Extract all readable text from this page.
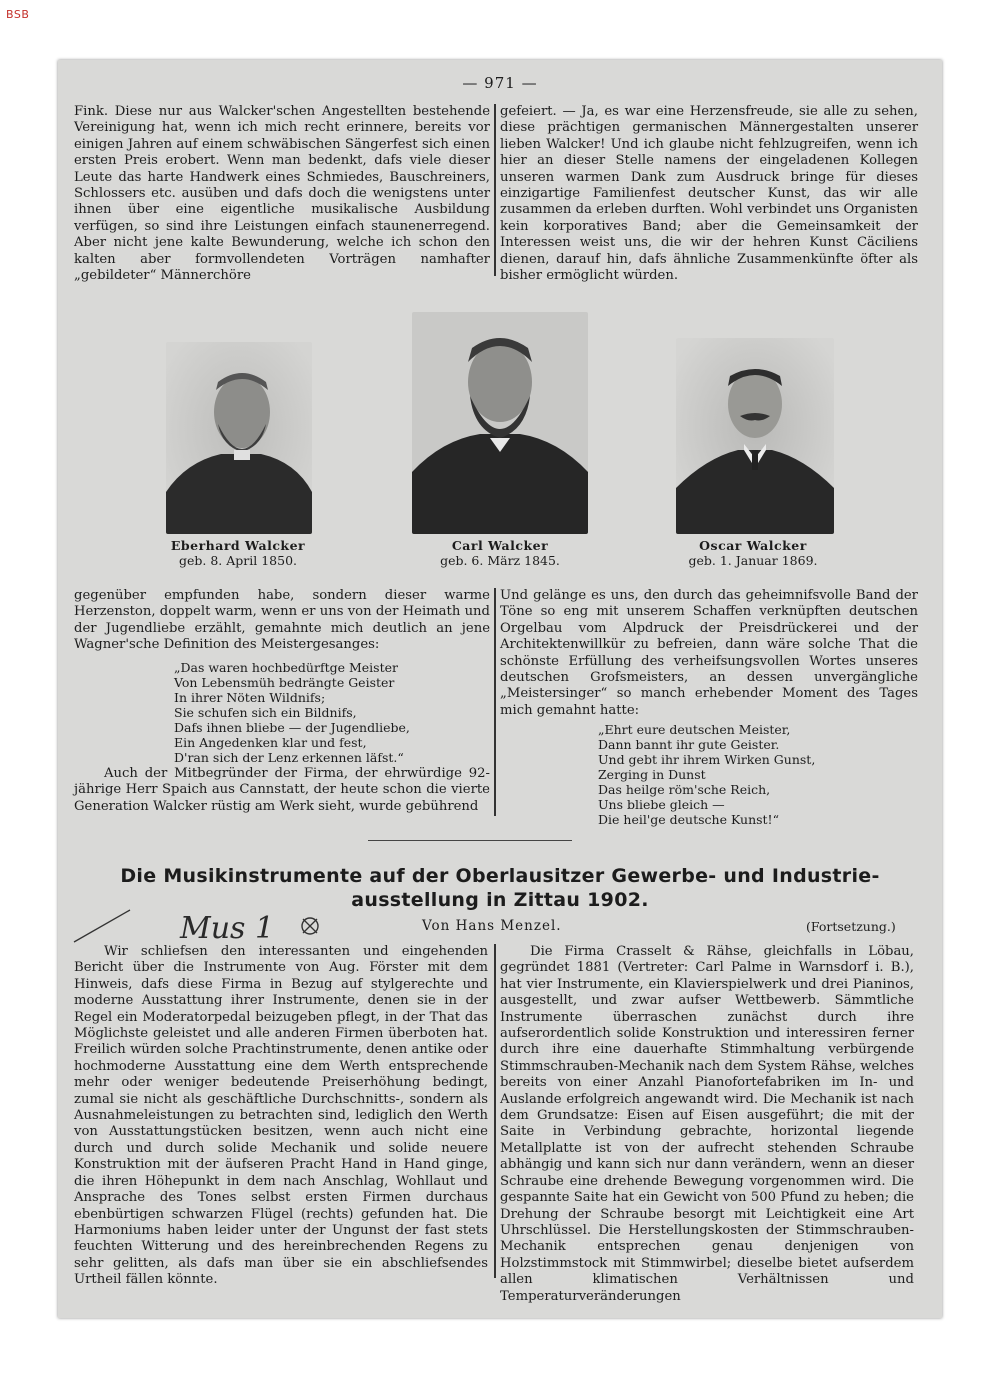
BSB
— 971 —

Fink. Diese nur aus Walcker'schen Angestellten bestehende Vereinigung hat, wenn ich mich recht erinnere, bereits vor einigen Jahren auf einem schwäbischen Sängerfest sich einen ersten Preis erobert. Wenn man bedenkt, dafs viele dieser Leute das harte Handwerk eines Schmiedes, Bauschreiners, Schlossers etc. ausüben und dafs doch die wenigstens unter ihnen über eine eigentliche musikalische Ausbildung verfügen, so sind ihre Leistungen einfach staunenerregend. Aber nicht jene kalte Bewunderung, welche ich schon den kalten aber formvollendeten Vorträgen namhafter „gebildeter“ Männerchöre

gefeiert. — Ja, es war eine Herzensfreude, sie alle zu sehen, diese prächtigen germanischen Männergestalten unserer lieben Walcker! Und ich glaube nicht fehlzugreifen, wenn ich hier an dieser Stelle namens der eingeladenen Kollegen unseren warmen Dank zum Ausdruck bringe für dieses einzigartige Familienfest deutscher Kunst, das wir alle zusammen da erleben durften. Wohl verbindet uns Organisten kein korporatives Band; aber die Gemeinsamkeit der Interessen weist uns, die wir der hehren Kunst Cäciliens dienen, darauf hin, dafs ähnliche Zusammenkünfte öfter als bisher ermöglicht würden.

Eberhard Walcker
geb. 8. April 1850.
Carl Walcker
geb. 6. März 1845.
Oscar Walcker
geb. 1. Januar 1869.

gegenüber empfunden habe, sondern dieser warme Herzenston, doppelt warm, wenn er uns von der Heimath und der Jugendliebe erzählt, gemahnte mich deutlich an jene Wagner'sche Definition des Meistergesanges:

„Das waren hochbedürftge Meister
Von Lebensmüh bedrängte Geister
In ihrer Nöten Wildnifs;
Sie schufen sich ein Bildnifs,
Dafs ihnen bliebe — der Jugendliebe,
Ein Angedenken klar und fest,
D'ran sich der Lenz erkennen läfst.“

Auch der Mitbegründer der Firma, der ehrwürdige 92-jährige Herr Spaich aus Cannstatt, der heute schon die vierte Generation Walcker rüstig am Werk sieht, wurde gebührend

Und gelänge es uns, den durch das geheimnifsvolle Band der Töne so eng mit unserem Schaffen verknüpften deutschen Orgelbau vom Alpdruck der Preisdrückerei und der Architektenwillkür zu befreien, dann wäre solche That die schönste Erfüllung des verheifsungsvollen Wortes unseres deutschen Grofsmeisters, an dessen unvergängliche „Meistersinger“ so manch erhebender Moment des Tages mich gemahnt hatte:

„Ehrt eure deutschen Meister,
Dann bannt ihr gute Geister.
Und gebt ihr ihrem Wirken Gunst,
Zerging in Dunst
Das heilge röm'sche Reich,
Uns bliebe gleich —
Die heil'ge deutsche Kunst!“
Die Musikinstrumente auf der Oberlausitzer Gewerbe- und Industrie-
ausstellung in Zittau 1902.
Mus 1	Von Hans Menzel.	(Fortsetzung.)

Wir schliefsen den interessanten und eingehenden Bericht über die Instrumente von Aug. Förster mit dem Hinweis, dafs diese Firma in Bezug auf stylgerechte und moderne Ausstattung ihrer Instrumente, denen sie in der Regel ein Moderatorpedal beizugeben pflegt, in der That das Möglichste geleistet und alle anderen Firmen überboten hat. Freilich würden solche Prachtinstrumente, denen antike oder hochmoderne Ausstattung eine dem Werth entsprechende mehr oder weniger bedeutende Preiserhöhung bedingt, zumal sie nicht als geschäftliche Durchschnitts-, sondern als Ausnahmeleistungen zu betrachten sind, lediglich den Werth von Ausstattungstücken besitzen, wenn auch nicht eine durch und durch solide Mechanik und solide neuere Konstruktion mit der äufseren Pracht Hand in Hand ginge, die ihren Höhepunkt in dem nach Anschlag, Wohllaut und Ansprache des Tones selbst ersten Firmen durchaus ebenbürtigen schwarzen Flügel (rechts) gefunden hat. Die Harmoniums haben leider unter der Ungunst der fast stets feuchten Witterung und des hereinbrechenden Regens zu sehr gelitten, als dafs man über sie ein abschliefsendes Urtheil fällen könnte.

Die Firma Crasselt & Rähse, gleichfalls in Löbau, gegründet 1881 (Vertreter: Carl Palme in Warnsdorf i. B.), hat vier Instrumente, ein Klavierspielwerk und drei Pianinos, ausgestellt, und zwar aufser Wettbewerb. Sämmtliche Instrumente überraschen zunächst durch ihre aufserordentlich solide Konstruktion und interessiren ferner durch ihre eine dauerhafte Stimmhaltung verbürgende Stimmschrauben-Mechanik nach dem System Rähse, welches bereits von einer Anzahl Pianofortefabriken im In- und Auslande erfolgreich angewandt wird. Die Mechanik ist nach dem Grundsatze: Eisen auf Eisen ausgeführt; die mit der Saite in Verbindung gebrachte, horizontal liegende Metallplatte ist von der aufrecht stehenden Schraube abhängig und kann sich nur dann verändern, wenn an dieser Schraube eine drehende Bewegung vorgenommen wird. Die gespannte Saite hat ein Gewicht von 500 Pfund zu heben; die Drehung der Schraube besorgt mit Leichtigkeit eine Art Uhrschlüssel. Die Herstellungskosten der Stimmschrauben-Mechanik entsprechen genau denjenigen von Holzstimmstock mit Stimmwirbel; dieselbe bietet aufserdem allen klimatischen Verhältnissen und Temperaturveränderungen
